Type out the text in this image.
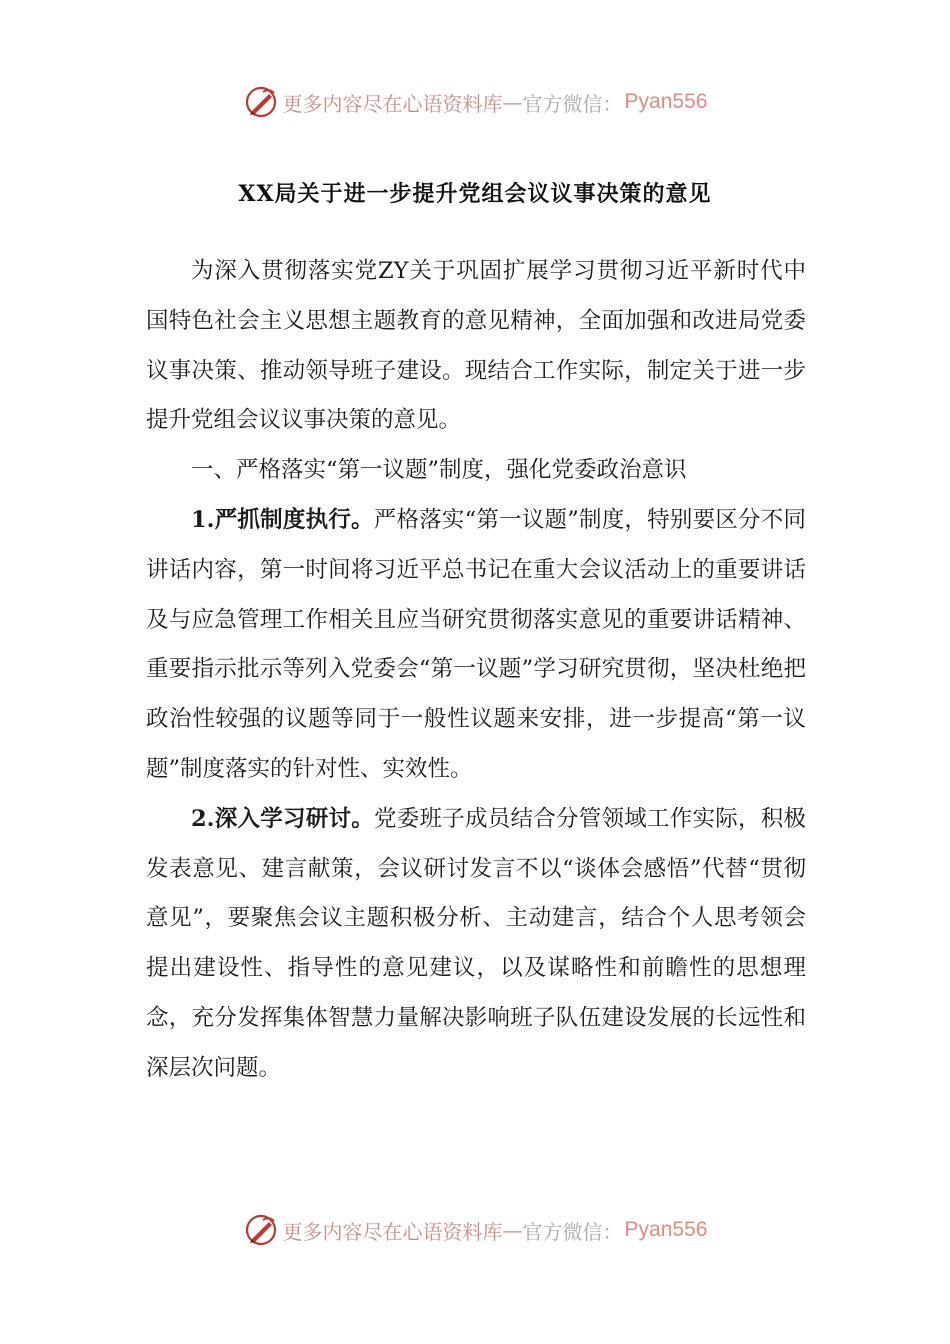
更多内容尽在心语资料库 — 官方微信： Pyan556
XX局关于进一步提升党组会议议事决策的意见

为深入贯彻落实党ZY关于巩固扩展学习贯彻习近平新时代中国特色社会主义思想主题教育的意见精神，全面加强和改进局党委议事决策、推动领导班子建设。现结合工作实际，制定关于进一步提升党组会议议事决策的意见。

一、严格落实“第一议题”制度，强化党委政治意识

1.严抓制度执行。严格落实“第一议题”制度，特别要区分不同讲话内容，第一时间将习近平总书记在重大会议活动上的重要讲话及与应急管理工作相关且应当研究贯彻落实意见的重要讲话精神、重要指示批示等列入党委会“第一议题”学习研究贯彻，坚决杜绝把政治性较强的议题等同于一般性议题来安排，进一步提高“第一议题”制度落实的针对性、实效性。

2.深入学习研讨。党委班子成员结合分管领域工作实际，积极发表意见、建言献策，会议研讨发言不以“谈体会感悟”代替“贯彻意见”，要聚焦会议主题积极分析、主动建言，结合个人思考领会提出建设性、指导性的意见建议，以及谋略性和前瞻性的思想理念，充分发挥集体智慧力量解决影响班子队伍建设发展的长远性和深层次问题。

更多内容尽在心语资料库 — 官方微信： Pyan556
